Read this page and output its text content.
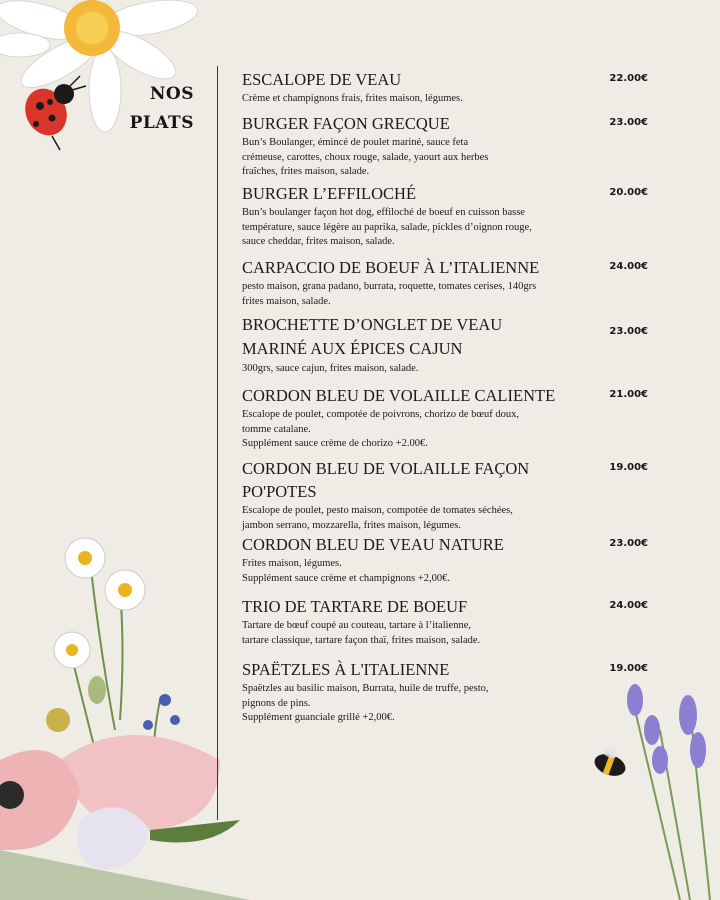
NOS
PLATS
ESCALOPE DE VEAU
Crème et champignons frais, frites maison, légumes.
22.00€
BURGER FAÇON GRECQUE
Bun’s Boulanger, émincé de poulet mariné, sauce feta
crémeuse, carottes, choux rouge, salade, yaourt aux herbes
fraîches, frites maison, salade.
23.00€
BURGER L’EFFILOCHÉ
Bun’s boulanger façon hot dog, effiloché de boeuf en cuisson basse
température, sauce légère au paprika, salade, pickles d’oignon rouge,
sauce cheddar, frites maison, salade.
20.00€
CARPACCIO DE BOEUF À L’ITALIENNE
pesto maison, grana padano, burrata, roquette, tomates cerises, 140grs
frites maison, salade.
24.00€
BROCHETTE D’ONGLET DE VEAU MARINÉ AUX ÉPICES CAJUN
300grs, sauce cajun, frites maison, salade.
23.00€
CORDON BLEU DE VOLAILLE CALIENTE
Escalope de poulet, compotée de poivrons, chorizo de bœuf doux,
tomme catalane.
Supplément sauce crème de chorizo +2.00€.
21.00€
CORDON BLEU DE VOLAILLE FAÇON PO'POTES
Escalope de poulet, pesto maison, compotée de tomates séchées,
jambon serrano, mozzarella, frites maison, légumes.
19.00€
CORDON BLEU DE VEAU NATURE
Frites maison, légumes.
Supplément sauce crème et champignons +2,00€.
23.00€
TRIO DE TARTARE DE BOEUF
Tartare de bœuf coupé au couteau, tartare à l’italienne,
tartare classique, tartare façon thaï, frites maison, salade.
24.00€
SPAËTZLES À L'ITALIENNE
Spaëtzles au basilic maison, Burrata, huile de truffe, pesto,
pignons de pins.
Supplément guanciale grillé +2,00€.
19.00€
